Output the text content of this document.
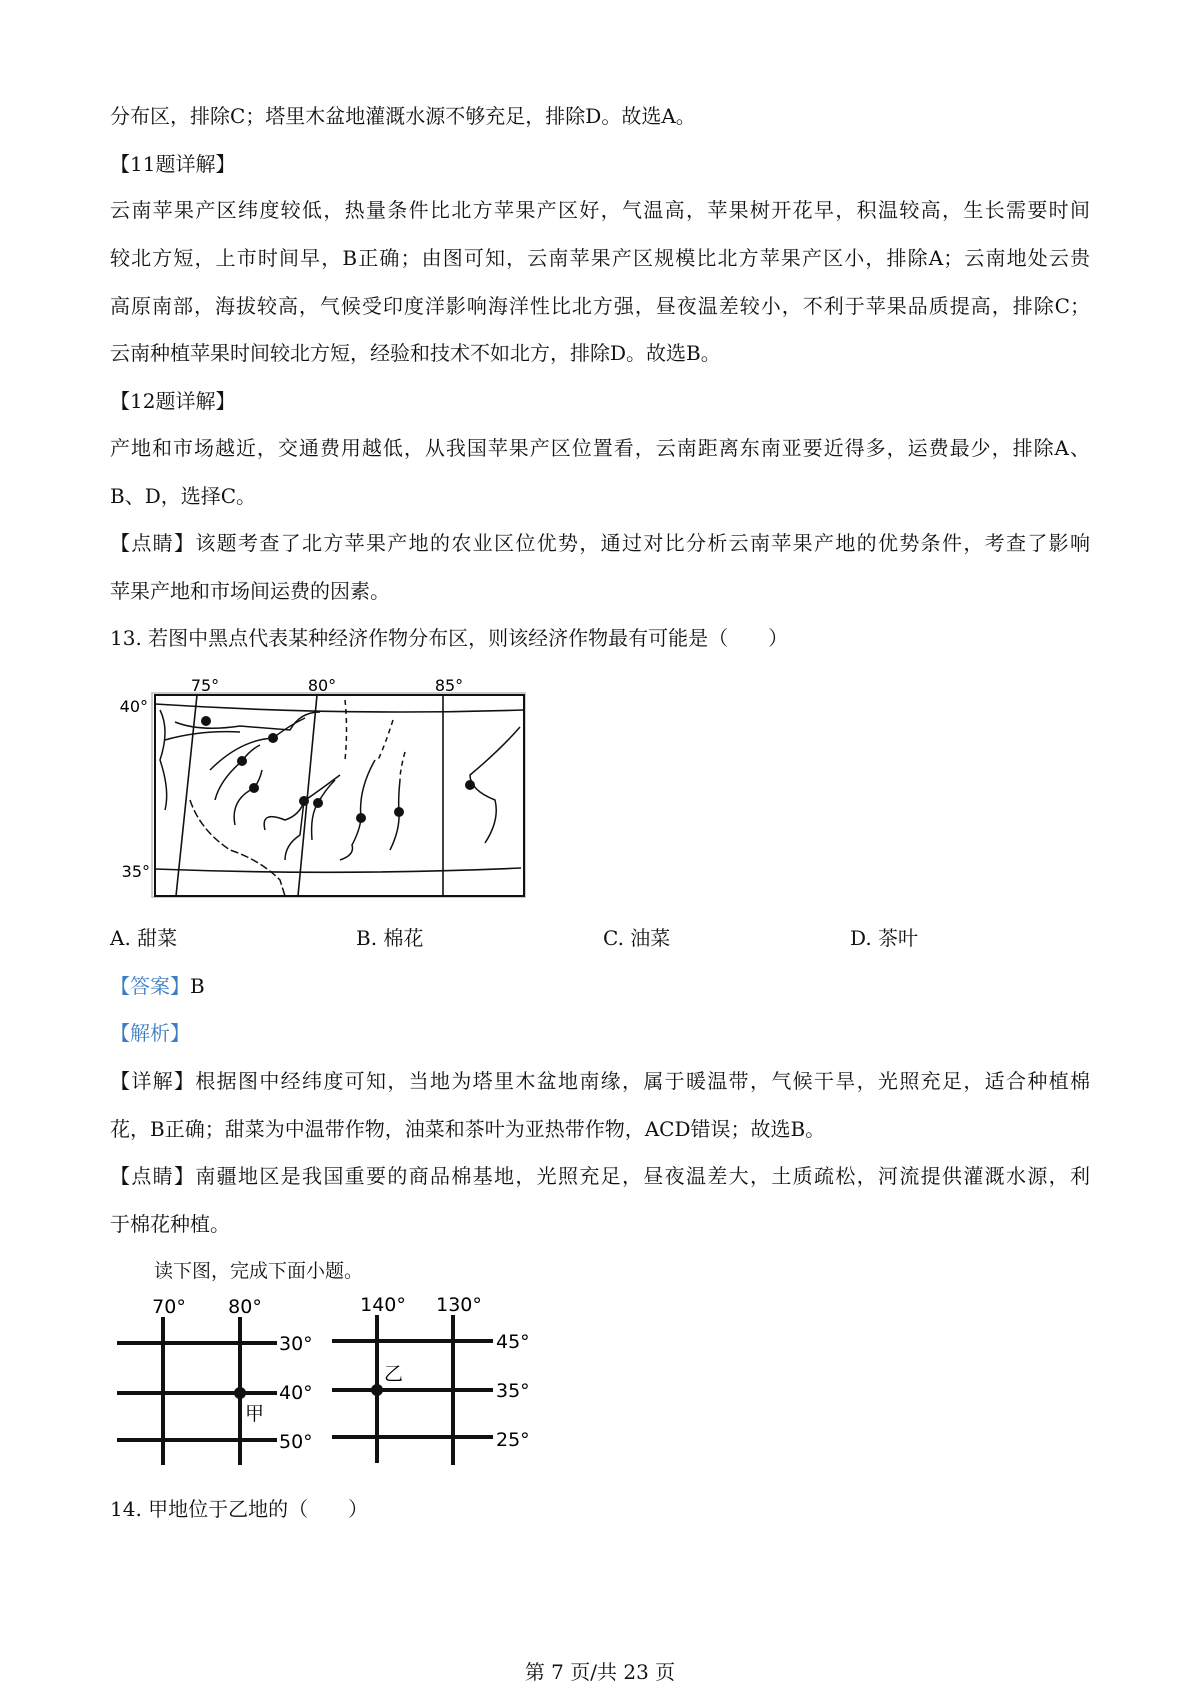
分布区，排除C；塔里木盆地灌溉水源不够充足，排除D。故选A。
【11题详解】
云南苹果产区纬度较低，热量条件比北方苹果产区好，气温高，苹果树开花早，积温较高，生长需要时间
较北方短，上市时间早，B正确；由图可知，云南苹果产区规模比北方苹果产区小，排除A；云南地处云贵
高原南部，海拔较高，气候受印度洋影响海洋性比北方强，昼夜温差较小，不利于苹果品质提高，排除C；
云南种植苹果时间较北方短，经验和技术不如北方，排除D。故选B。
【12题详解】
产地和市场越近，交通费用越低，从我国苹果产区位置看，云南距离东南亚要近得多，运费最少，排除A、
B、D，选择C。
【点睛】该题考查了北方苹果产地的农业区位优势，通过对比分析云南苹果产地的优势条件，考查了影响
苹果产地和市场间运费的因素。
13. 若图中黑点代表某种经济作物分布区，则该经济作物最有可能是（　　）
75°	80°	85°
40°
35°
70° 80°
30°
40°
50°
甲
140° 130°
45°
35°
25°
乙
A. 甜菜	B. 棉花	C. 油菜	D. 茶叶
【答案】B
【解析】
【详解】根据图中经纬度可知，当地为塔里木盆地南缘，属于暖温带，气候干旱，光照充足，适合种植棉
花，B正确；甜菜为中温带作物，油菜和茶叶为亚热带作物，ACD错误；故选B。
【点睛】南疆地区是我国重要的商品棉基地，光照充足，昼夜温差大，土质疏松，河流提供灌溉水源，利
于棉花种植。
读下图，完成下面小题。
14. 甲地位于乙地的（　　）
第 7 页/共 23 页
